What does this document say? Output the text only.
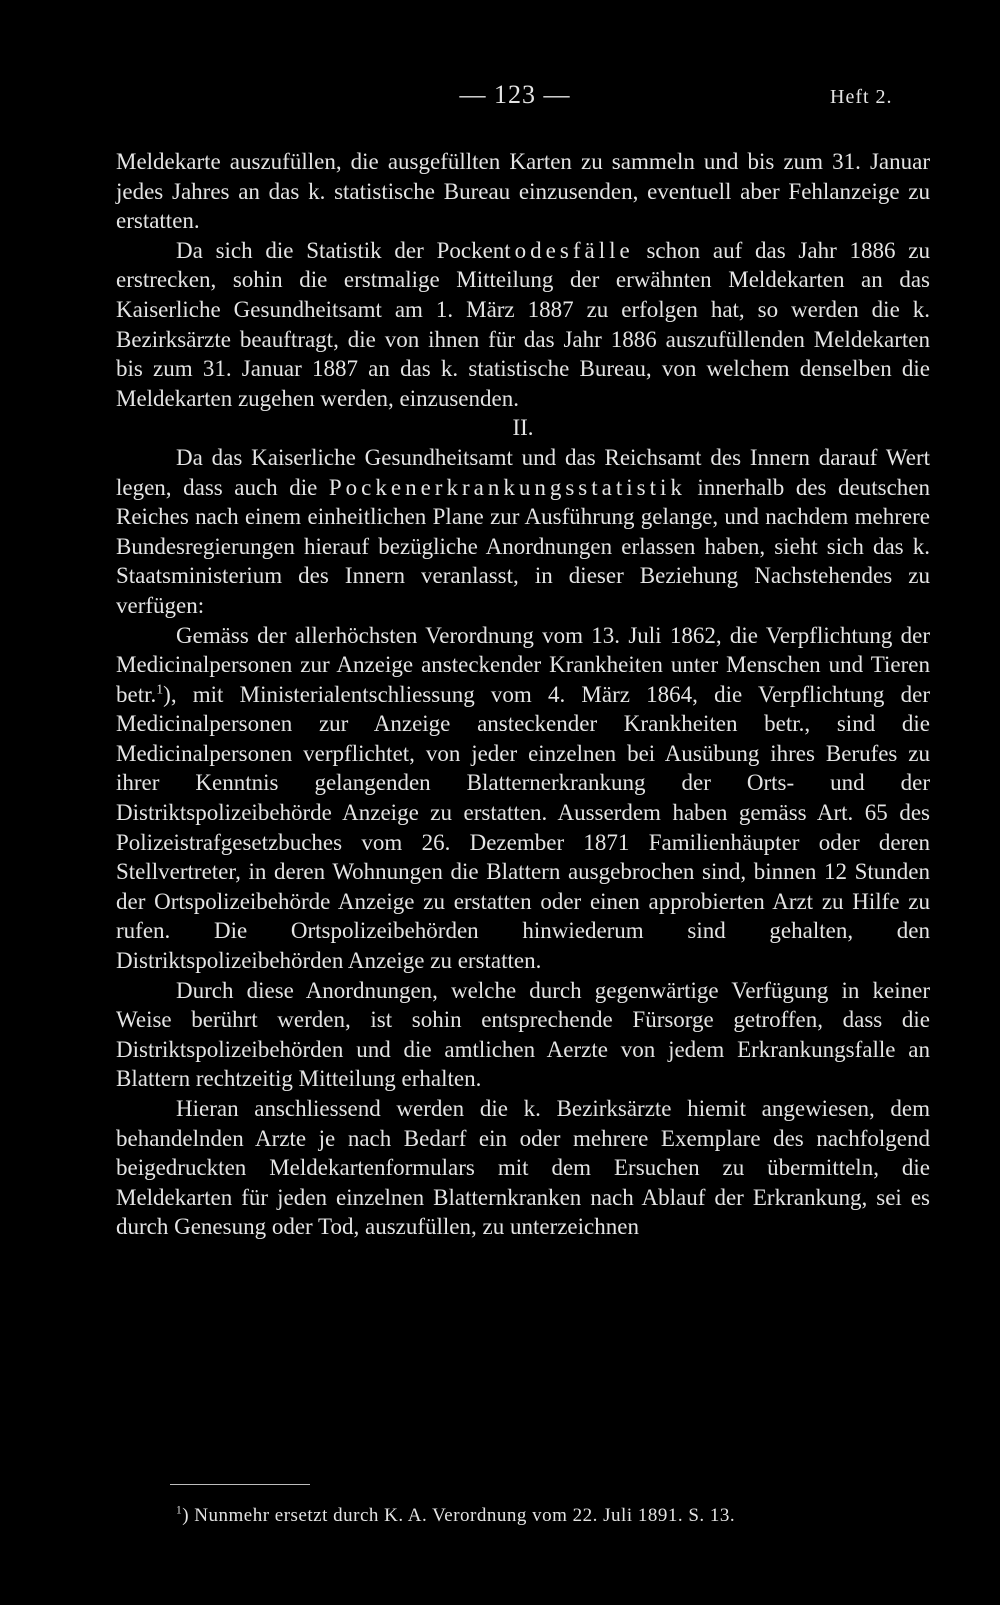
— 123 —	Heft 2.

Meldekarte auszufüllen, die ausgefüllten Karten zu sammeln und bis zum 31. Januar jedes Jahres an das k. statistische Bureau einzusenden, eventuell aber Fehlanzeige zu erstatten.

Da sich die Statistik der Pockentodesfälle schon auf das Jahr 1886 zu erstrecken, sohin die erstmalige Mitteilung der erwähnten Meldekarten an das Kaiserliche Gesundheitsamt am 1. März 1887 zu erfolgen hat, so werden die k. Bezirksärzte beauftragt, die von ihnen für das Jahr 1886 auszufüllenden Meldekarten bis zum 31. Januar 1887 an das k. statistische Bureau, von welchem denselben die Meldekarten zugehen werden, einzusenden.

II.

Da das Kaiserliche Gesundheitsamt und das Reichsamt des Innern darauf Wert legen, dass auch die Pockenerkrankungsstatistik innerhalb des deutschen Reiches nach einem einheitlichen Plane zur Ausführung gelange, und nachdem mehrere Bundesregierungen hierauf bezügliche Anordnungen erlassen haben, sieht sich das k. Staatsministerium des Innern veranlasst, in dieser Beziehung Nachstehendes zu verfügen:

Gemäss der allerhöchsten Verordnung vom 13. Juli 1862, die Verpflichtung der Medicinalpersonen zur Anzeige ansteckender Krankheiten unter Menschen und Tieren betr.$^1$), mit Ministerialentschliessung vom 4. März 1864, die Verpflichtung der Medicinalpersonen zur Anzeige ansteckender Krankheiten betr., sind die Medicinalpersonen verpflichtet, von jeder einzelnen bei Ausübung ihres Berufes zu ihrer Kenntnis gelangenden Blatternerkrankung der Orts- und der Distriktspolizeibehörde Anzeige zu erstatten. Ausserdem haben gemäss Art. 65 des Polizeistrafgesetzbuches vom 26. Dezember 1871 Familienhäupter oder deren Stellvertreter, in deren Wohnungen die Blattern ausgebrochen sind, binnen 12 Stunden der Ortspolizeibehörde Anzeige zu erstatten oder einen approbierten Arzt zu Hilfe zu rufen. Die Ortspolizeibehörden hinwiederum sind gehalten, den Distriktspolizeibehörden Anzeige zu erstatten.

Durch diese Anordnungen, welche durch gegenwärtige Verfügung in keiner Weise berührt werden, ist sohin entsprechende Fürsorge getroffen, dass die Distriktspolizeibehörden und die amtlichen Aerzte von jedem Erkrankungsfalle an Blattern rechtzeitig Mitteilung erhalten.

Hieran anschliessend werden die k. Bezirksärzte hiemit angewiesen, dem behandelnden Arzte je nach Bedarf ein oder mehrere Exemplare des nachfolgend beigedruckten Meldekartenformulars mit dem Ersuchen zu übermitteln, die Meldekarten für jeden einzelnen Blatternkranken nach Ablauf der Erkrankung, sei es durch Genesung oder Tod, auszufüllen, zu unterzeichnen

$^1$) Nunmehr ersetzt durch K. A. Verordnung vom 22. Juli 1891. S. 13.
